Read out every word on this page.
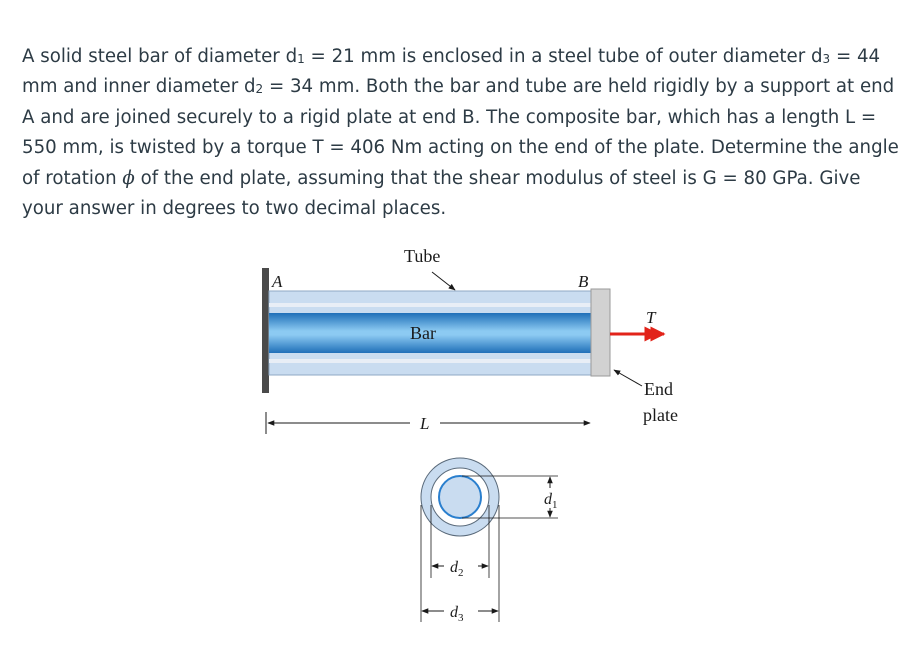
A solid steel bar of diameter $d_1 = 21$ mm is enclosed in a steel tube of outer diameter $d_3 = 44$ mm and inner diameter $d_2 = 34$ mm. Both the bar and tube are held rigidly by a support at end A and are joined securely to a rigid plate at end B. The composite bar, which has a length L = 550 mm, is twisted by a torque T = 406 Nm acting on the end of the plate. Determine the angle of rotation ϕ of the end plate, assuming that the shear modulus of steel is G = 80 GPa. Give your answer in degrees to two decimal places.

Tube
Bar
A	B
T
End
plate
L
$d_1$
$d_2$
$d_3$
